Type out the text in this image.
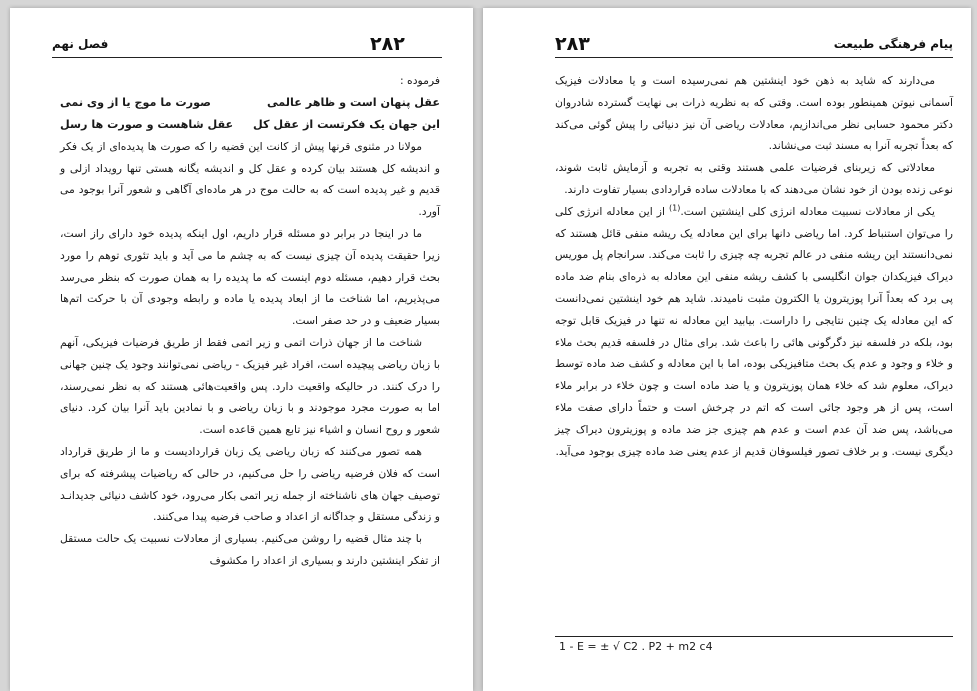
۲۸۲
فصل نهم

فرموده :

عقل پنهان است و ظاهر عالمی
صورت ما موج یا از وی نمی
این جهان یک فکرتست از عقل کل
عقل شاهست و صورت ها رسل

مولانا در مثنوی قرنها پیش از کانت این قضیه را که صورت ها پدیده‌ای از یک فکر و اندیشه کل هستند بیان کرده و عقل کل و اندیشه یگانه هستی تنها رویداد ازلی و قدیم و غیر پدیده است که به حالت موج در هر ماده‌ای آگاهی و شعور آنرا بوجود می آورد.

ما در اینجا در برابر دو مسئله قرار داریم، اول اینکه پدیده خود دارای راز است، زیرا حقیقت پدیده آن چیزی نیست که به چشم ما می آید و باید تئوری توهم را مورد بحث قرار دهیم، مسئله دوم اینست که ما پدیده را به همان صورت که بنظر می‌رسد می‌پذیریم، اما شناخت ما از ابعاد پدیده یا ماده و رابطه وجودی آن با حرکت اتم‌ها بسیار ضعیف و در حد صفر است.

شناخت ما از جهان ذرات اتمی و زیر اتمی فقط از طریق فرضیات فیزیکی، آنهم با زبان ریاضی پیچیده است، افراد غیر فیزیک - ریاضی نمی‌توانند وجود یک چنین جهانی را درک کنند. در حالیکه واقعیت دارد. پس واقعیت‌هائی هستند که به نظر نمی‌رسند، اما به صورت مجرد موجودند و با زبان ریاضی و با نمادین باید آنرا بیان کرد. دنیای شعور و روح انسان و اشیاء نیز تابع همین قاعده است.

همه تصور می‌کنند که زبان ریاضی یک زبان قراردادیست و ما از طریق قرارداد است که فلان فرضیه ریاضی را حل می‌کنیم، در حالی که ریاضیات پیشرفته که برای توصیف جهان های ناشناخته از جمله زیر اتمی بکار می‌رود، خود کاشف دنیائی جدیدانـد و زندگی مستقل و جداگانه از اعداد و صاحب فرضیه پیدا می‌کنند.

با چند مثال قضیه را روشن می‌کنیم. بسیاری از معادلات نسبیت یک حالت مستقل از تفکر اینشتین دارند و بسیاری از اعداد را مکشوف

۲۸۳	پیام فرهنگی طبیعت

می‌دارند که شاید به ذهن خود اینشتین هم نمی‌رسیده است و یا معادلات فیزیک آسمانی نیوتن همینطور بوده است. وقتی که به نظریه ذرات بی نهایت گسترده شادروان دکتر محمود حسابی نظر می‌اندازیم، معادلات ریاضی آن نیز دنیائی را پیش گوئی می‌کند که بعداً تجربه آنرا به مسند ثبت می‌نشاند.

معادلاتی که زیربنای فرضیات علمی هستند وقتی به تجربه و آزمایش ثابت شوند، نوعی زنده بودن از خود نشان می‌دهند که با معادلات ساده قراردادی بسیار تفاوت دارند.

یکی از معادلات نسبیت معادله انرژی کلی اینشتین است.$^{(1)}$ از این معادله انرژی کلی را می‌توان استنباط کرد. اما ریاضی دانها برای این معادله یک ریشه منفی قائل هستند که نمی‌دانستند این ریشه منفی در عالم تجربه چه چیزی را ثابت می‌کند. سرانجام پل موریس دیراک فیزیکدان جوان انگلیسی با کشف ریشه منفی این معادله به ذره‌ای بنام ضد ماده پی برد که بعداً آنرا پوزیترون یا الکترون مثبت نامیدند. شاید هم خود اینشتین نمی‌دانست که این معادله یک چنین نتایجی را داراست. بیابید این معادله نه تنها در فیزیک قابل توجه بود، بلکه در فلسفه نیز دگرگونی هائی را باعث شد. برای مثال در فلسفه قدیم بحث ملاء و خلاء و وجود و عدم یک بحث متافیزیکی بوده، اما با این معادله و کشف ضد ماده توسط دیراک، معلوم شد که خلاء همان پوزیترون و یا ضد ماده است و چون خلاء در برابر ملاء است، پس از هر وجود جائی است که اتم در چرخش است و حتماً دارای صفت ملاء می‌باشد، پس ضد آن عدم است و عدم هم چیزی جز ضد ماده و پوزیترون دیراک چیز دیگری نیست. و بر خلاف تصور فیلسوفان قدیم از عدم یعنی ضد ماده چیزی بوجود می‌آید.

1 - E = ± √ C2 . P2 + m2 c4
